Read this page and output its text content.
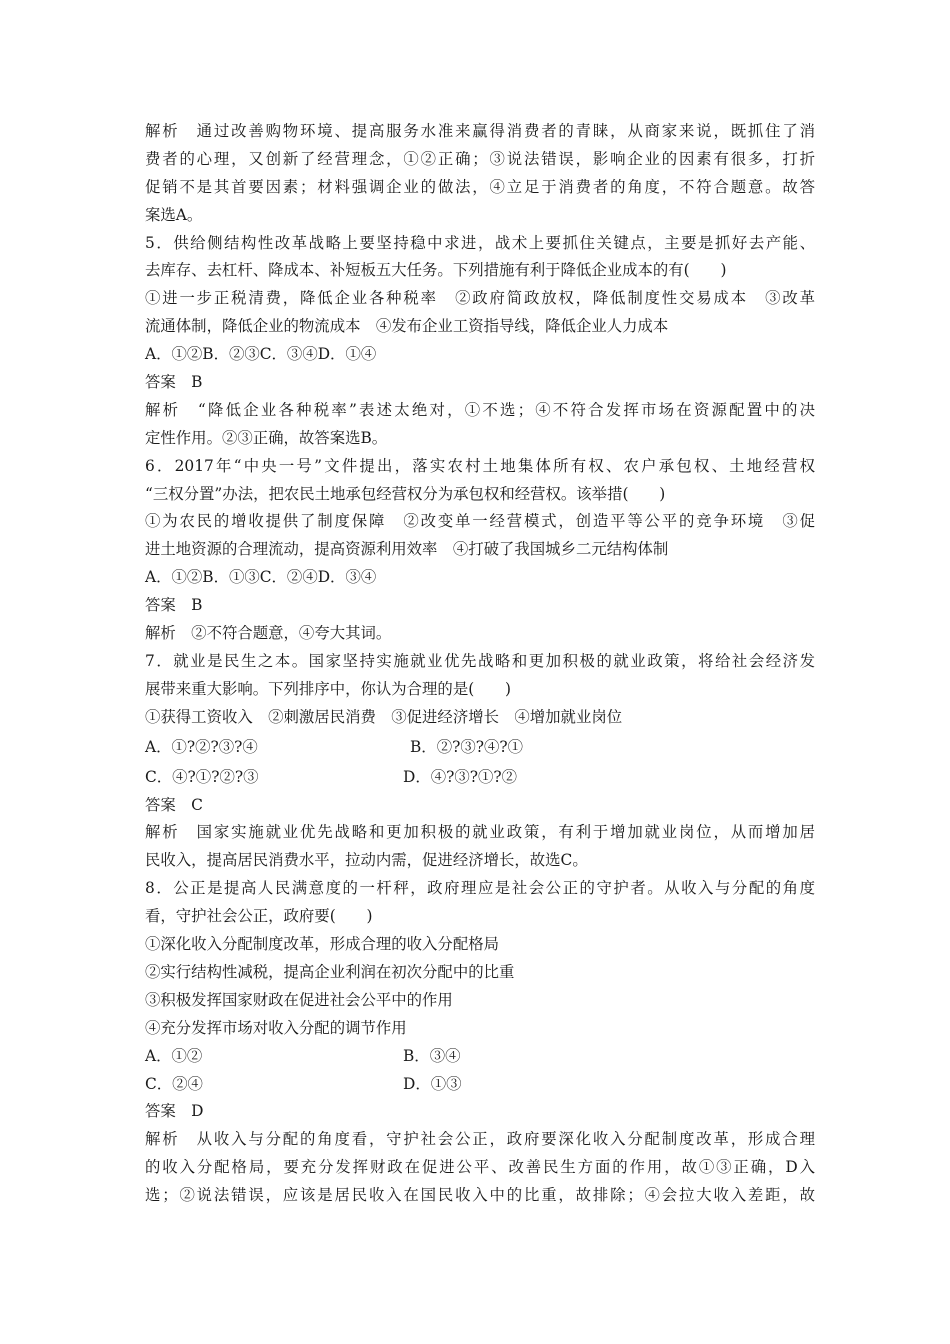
解析　通过改善购物环境、提高服务水准来赢得消费者的青睐，从商家来说，既抓住了消
费者的心理，又创新了经营理念，①②正确；③说法错误，影响企业的因素有很多，打折
促销不是其首要因素；材料强调企业的做法，④立足于消费者的角度，不符合题意。故答
案选A。
5．供给侧结构性改革战略上要坚持稳中求进，战术上要抓住关键点，主要是抓好去产能、
去库存、去杠杆、降成本、补短板五大任务。下列措施有利于降低企业成本的有(　　)
①进一步正税清费，降低企业各种税率　②政府简政放权，降低制度性交易成本　③改革
流通体制，降低企业的物流成本　④发布企业工资指导线，降低企业人力成本
A．①②B．②③C．③④D．①④
答案　B
解析　“降低企业各种税率”表述太绝对，①不选；④不符合发挥市场在资源配置中的决
定性作用。②③正确，故答案选B。
6．2017年“中央一号”文件提出，落实农村土地集体所有权、农户承包权、土地经营权
“三权分置”办法，把农民土地承包经营权分为承包权和经营权。该举措(　　)
①为农民的增收提供了制度保障　②改变单一经营模式，创造平等公平的竞争环境　③促
进土地资源的合理流动，提高资源利用效率　④打破了我国城乡二元结构体制
A．①②B．①③C．②④D．③④
答案　B
解析　②不符合题意，④夸大其词。
7．就业是民生之本。国家坚持实施就业优先战略和更加积极的就业政策，将给社会经济发
展带来重大影响。下列排序中，你认为合理的是(　　)
①获得工资收入　②刺激居民消费　③促进经济增长　④增加就业岗位
A．①?②?③?④	B．②?③?④?①
C．④?①?②?③	D．④?③?①?②
答案　C
解析　国家实施就业优先战略和更加积极的就业政策，有利于增加就业岗位，从而增加居
民收入，提高居民消费水平，拉动内需，促进经济增长，故选C。
8．公正是提高人民满意度的一杆秤，政府理应是社会公正的守护者。从收入与分配的角度
看，守护社会公正，政府要(　　)
①深化收入分配制度改革，形成合理的收入分配格局
②实行结构性减税，提高企业利润在初次分配中的比重
③积极发挥国家财政在促进社会公平中的作用
④充分发挥市场对收入分配的调节作用
A．①②	B．③④
C．②④	D．①③
答案　D
解析　从收入与分配的角度看，守护社会公正，政府要深化收入分配制度改革，形成合理
的收入分配格局，要充分发挥财政在促进公平、改善民生方面的作用，故①③正确，D入
选；②说法错误，应该是居民收入在国民收入中的比重，故排除；④会拉大收入差距，故
